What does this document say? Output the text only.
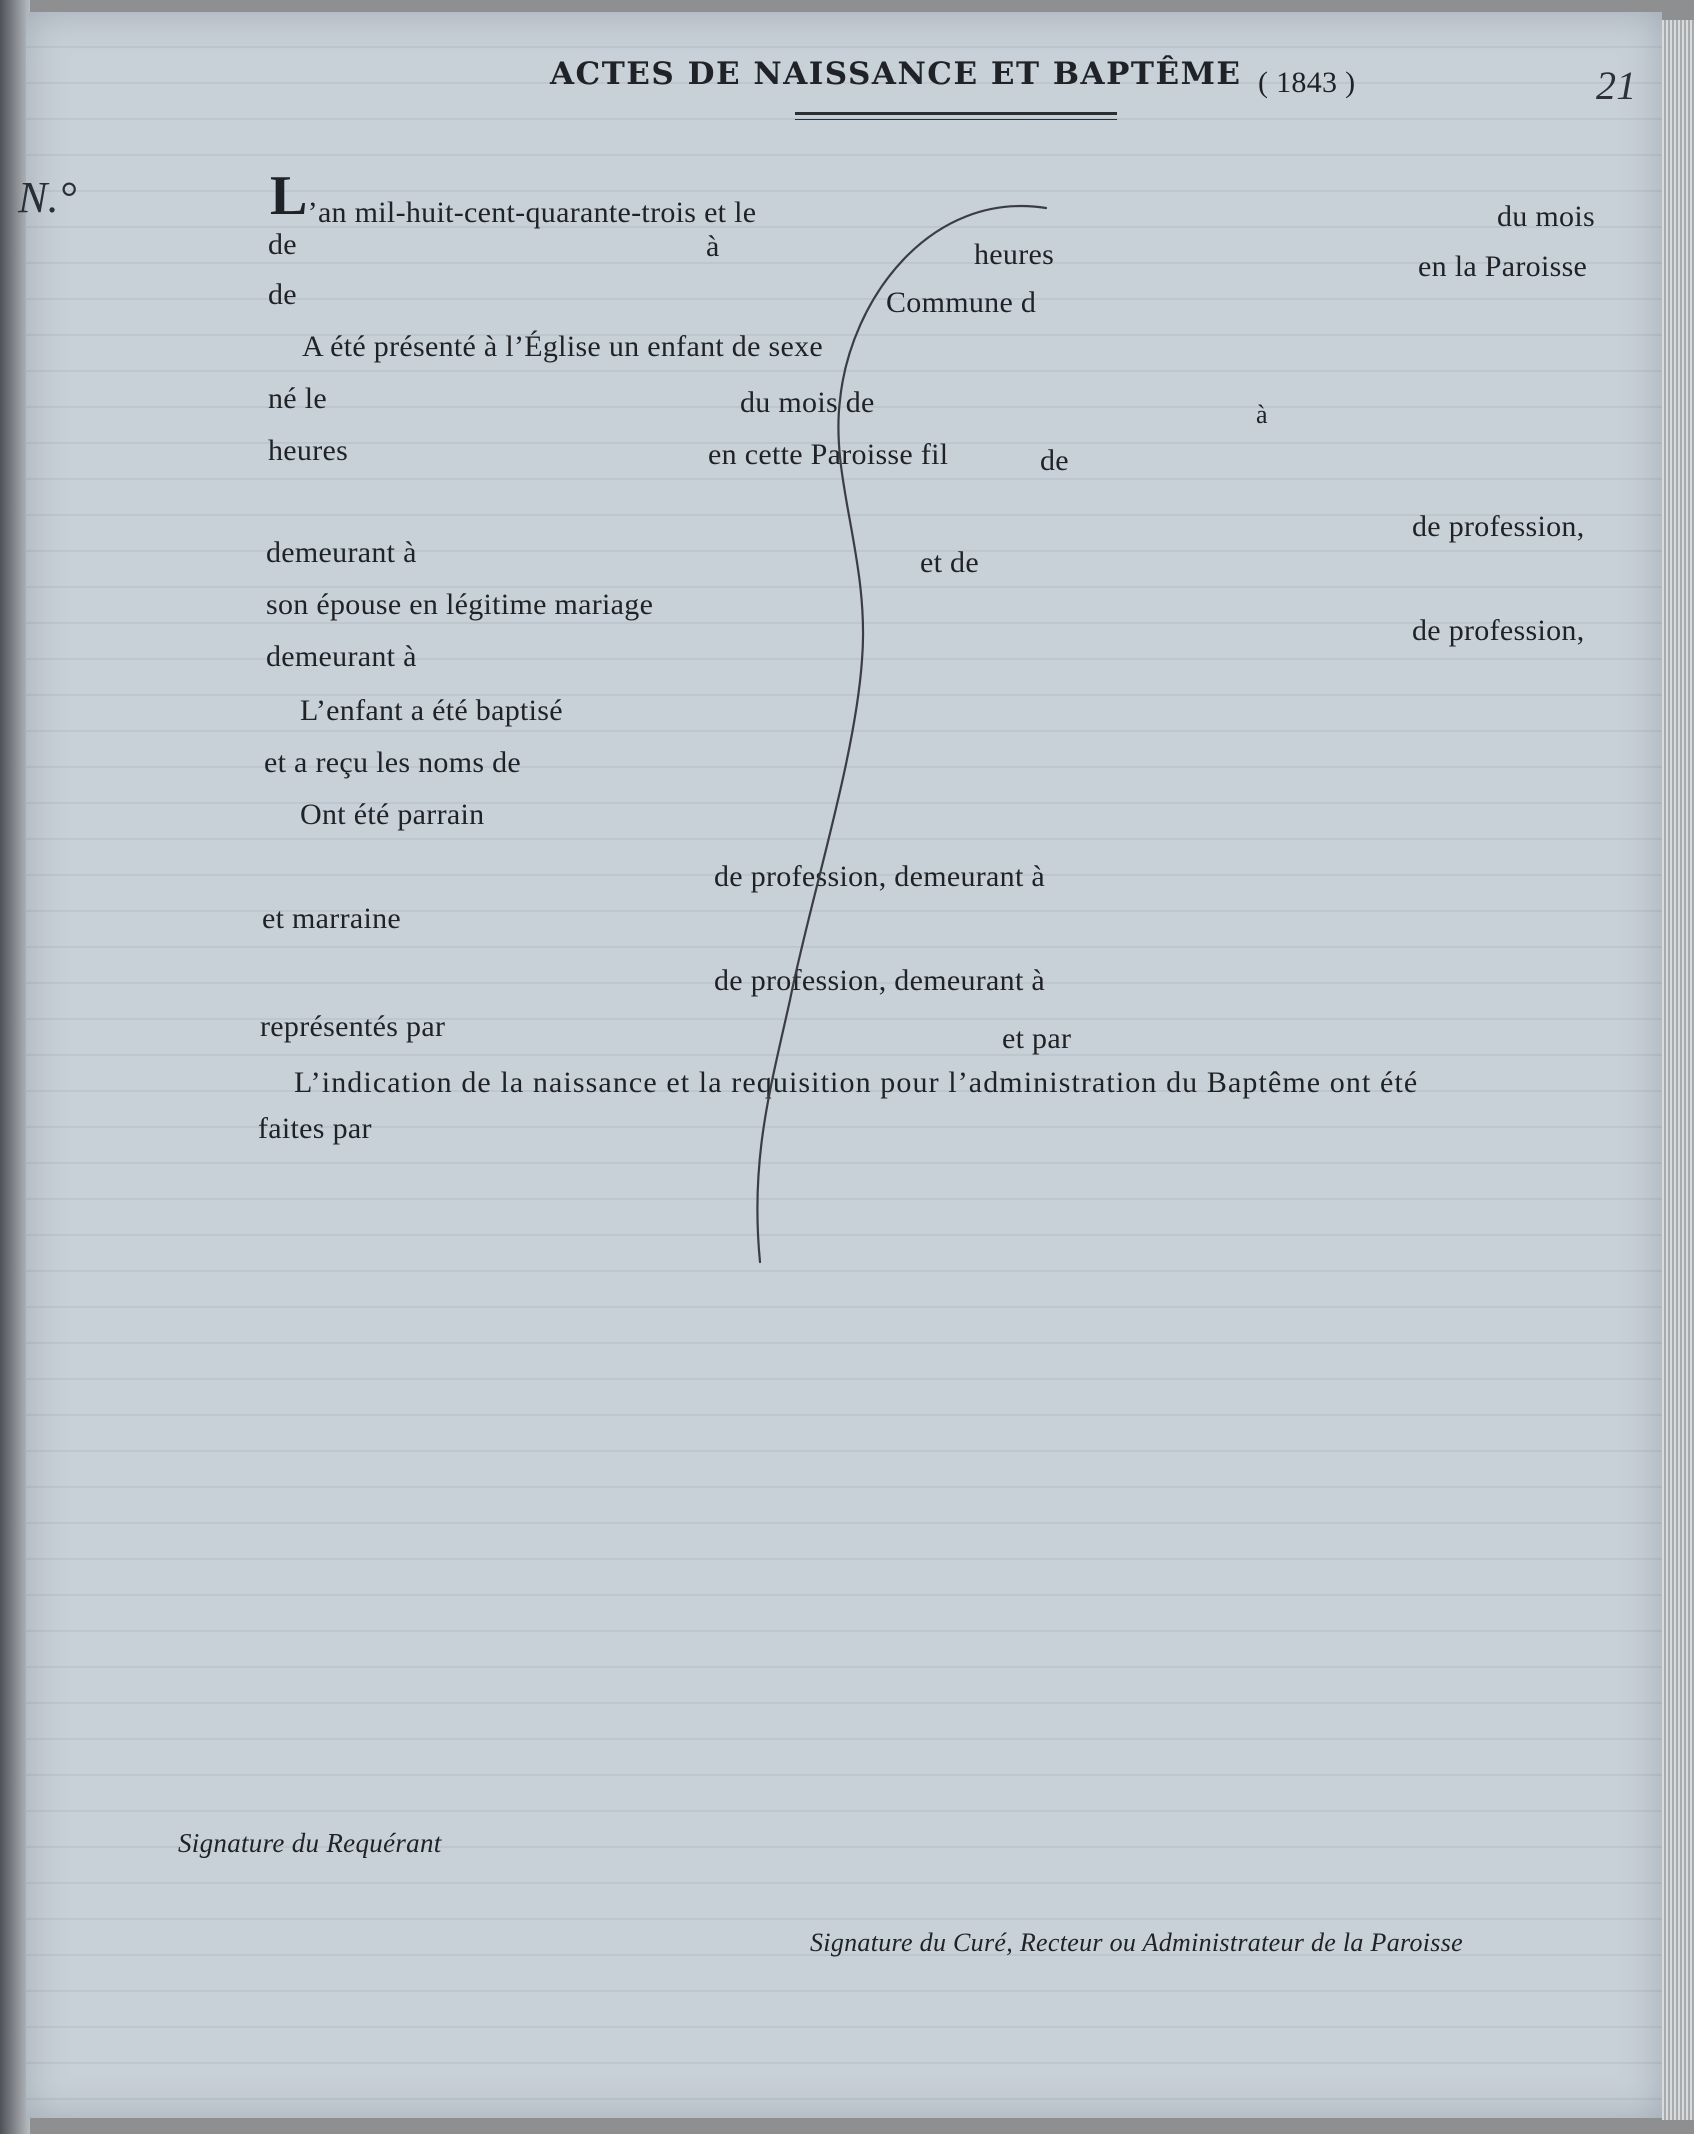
ACTES DE NAISSANCE ET BAPTÊME ( 1843 )	21
N.°	L’an mil-huit-cent-quarante-trois et le	du mois
de	à	heures	en la Paroisse
de	Commune d
A été présenté à l’Église un enfant de sexe
né le	du mois de	à
heures	en cette Paroisse fil	de
de profession,
demeurant à	et de
son épouse en légitime mariage
de profession,
demeurant à
L’enfant a été baptisé
et a reçu les noms de
Ont été parrain
de profession, demeurant à
et marraine
de profession, demeurant à
représentés par	et par
L’indication de la naissance et la requisition pour l’administration du Baptême ont été
faites par
Signature du Requérant
Signature du Curé, Recteur ou Administrateur de la Paroisse
